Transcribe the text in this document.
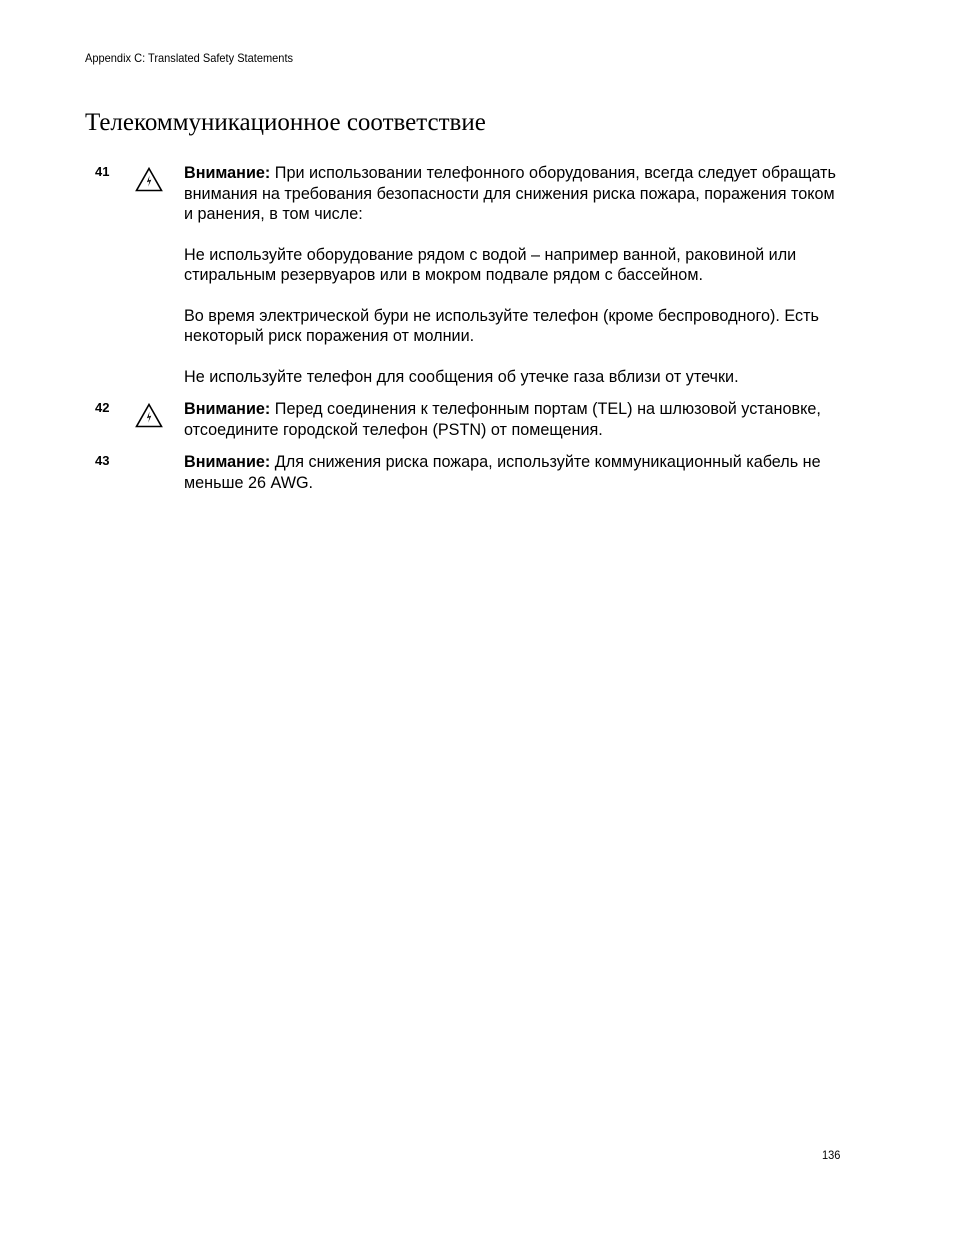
Appendix C: Translated Safety Statements
Телекоммуникационное соответствие
41	Внимание: При использовании телефонного оборудования, всегда следует обращать внимания на требования безопасности для снижения риска пожара, поражения током и ранения, в том числе:

Не используйте оборудование рядом с водой – например ванной, раковиной или стиральным резервуаров или в мокром подвале рядом с бассейном.

Во время электрической бури не используйте телефон (кроме беспроводного). Есть некоторый риск поражения от молнии.

Не используйте телефон для сообщения об утечке газа вблизи от утечки.

42	Внимание: Перед соединения к телефонным портам (TEL) на шлюзовой установке, отсоедините городской телефон (PSTN) от помещения.

43	Внимание: Для снижения риска пожара, используйте коммуникационный кабель не меньше 26 AWG.

136
